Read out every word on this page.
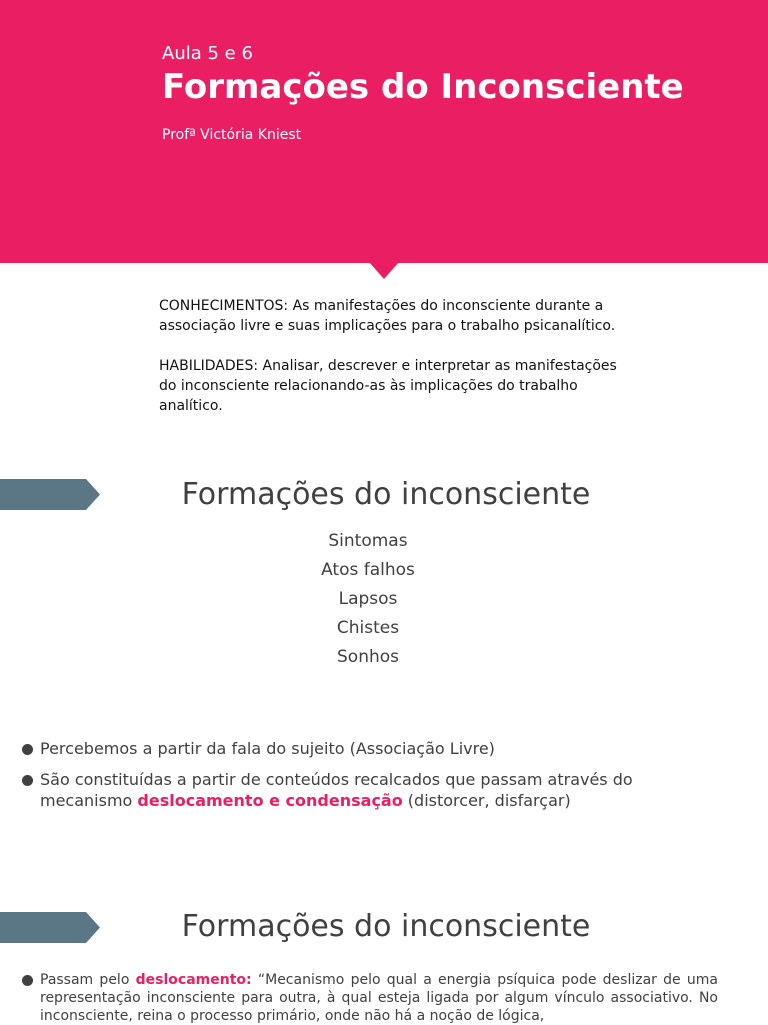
Aula 5 e 6
Formações do Inconsciente
Profª Victória Kniest

CONHECIMENTOS: As manifestações do inconsciente durante a associação livre e suas implicações para o trabalho psicanalítico.

HABILIDADES: Analisar, descrever e interpretar as manifestações do inconsciente relacionando-as às implicações do trabalho analítico.

Formações do inconsciente
Sintomas
Atos falhos
Lapsos
Chistes
Sonhos
Percebemos a partir da fala do sujeito (Associação Livre)
São constituídas a partir de conteúdos recalcados que passam através do mecanismo deslocamento e condensação (distorcer, disfarçar)
Formações do inconsciente
Passam pelo deslocamento: “Mecanismo pelo qual a energia psíquica pode deslizar de uma representação inconsciente para outra, à qual esteja ligada por algum vínculo associativo. No inconsciente, reina o processo primário, onde não há a noção de lógica,
